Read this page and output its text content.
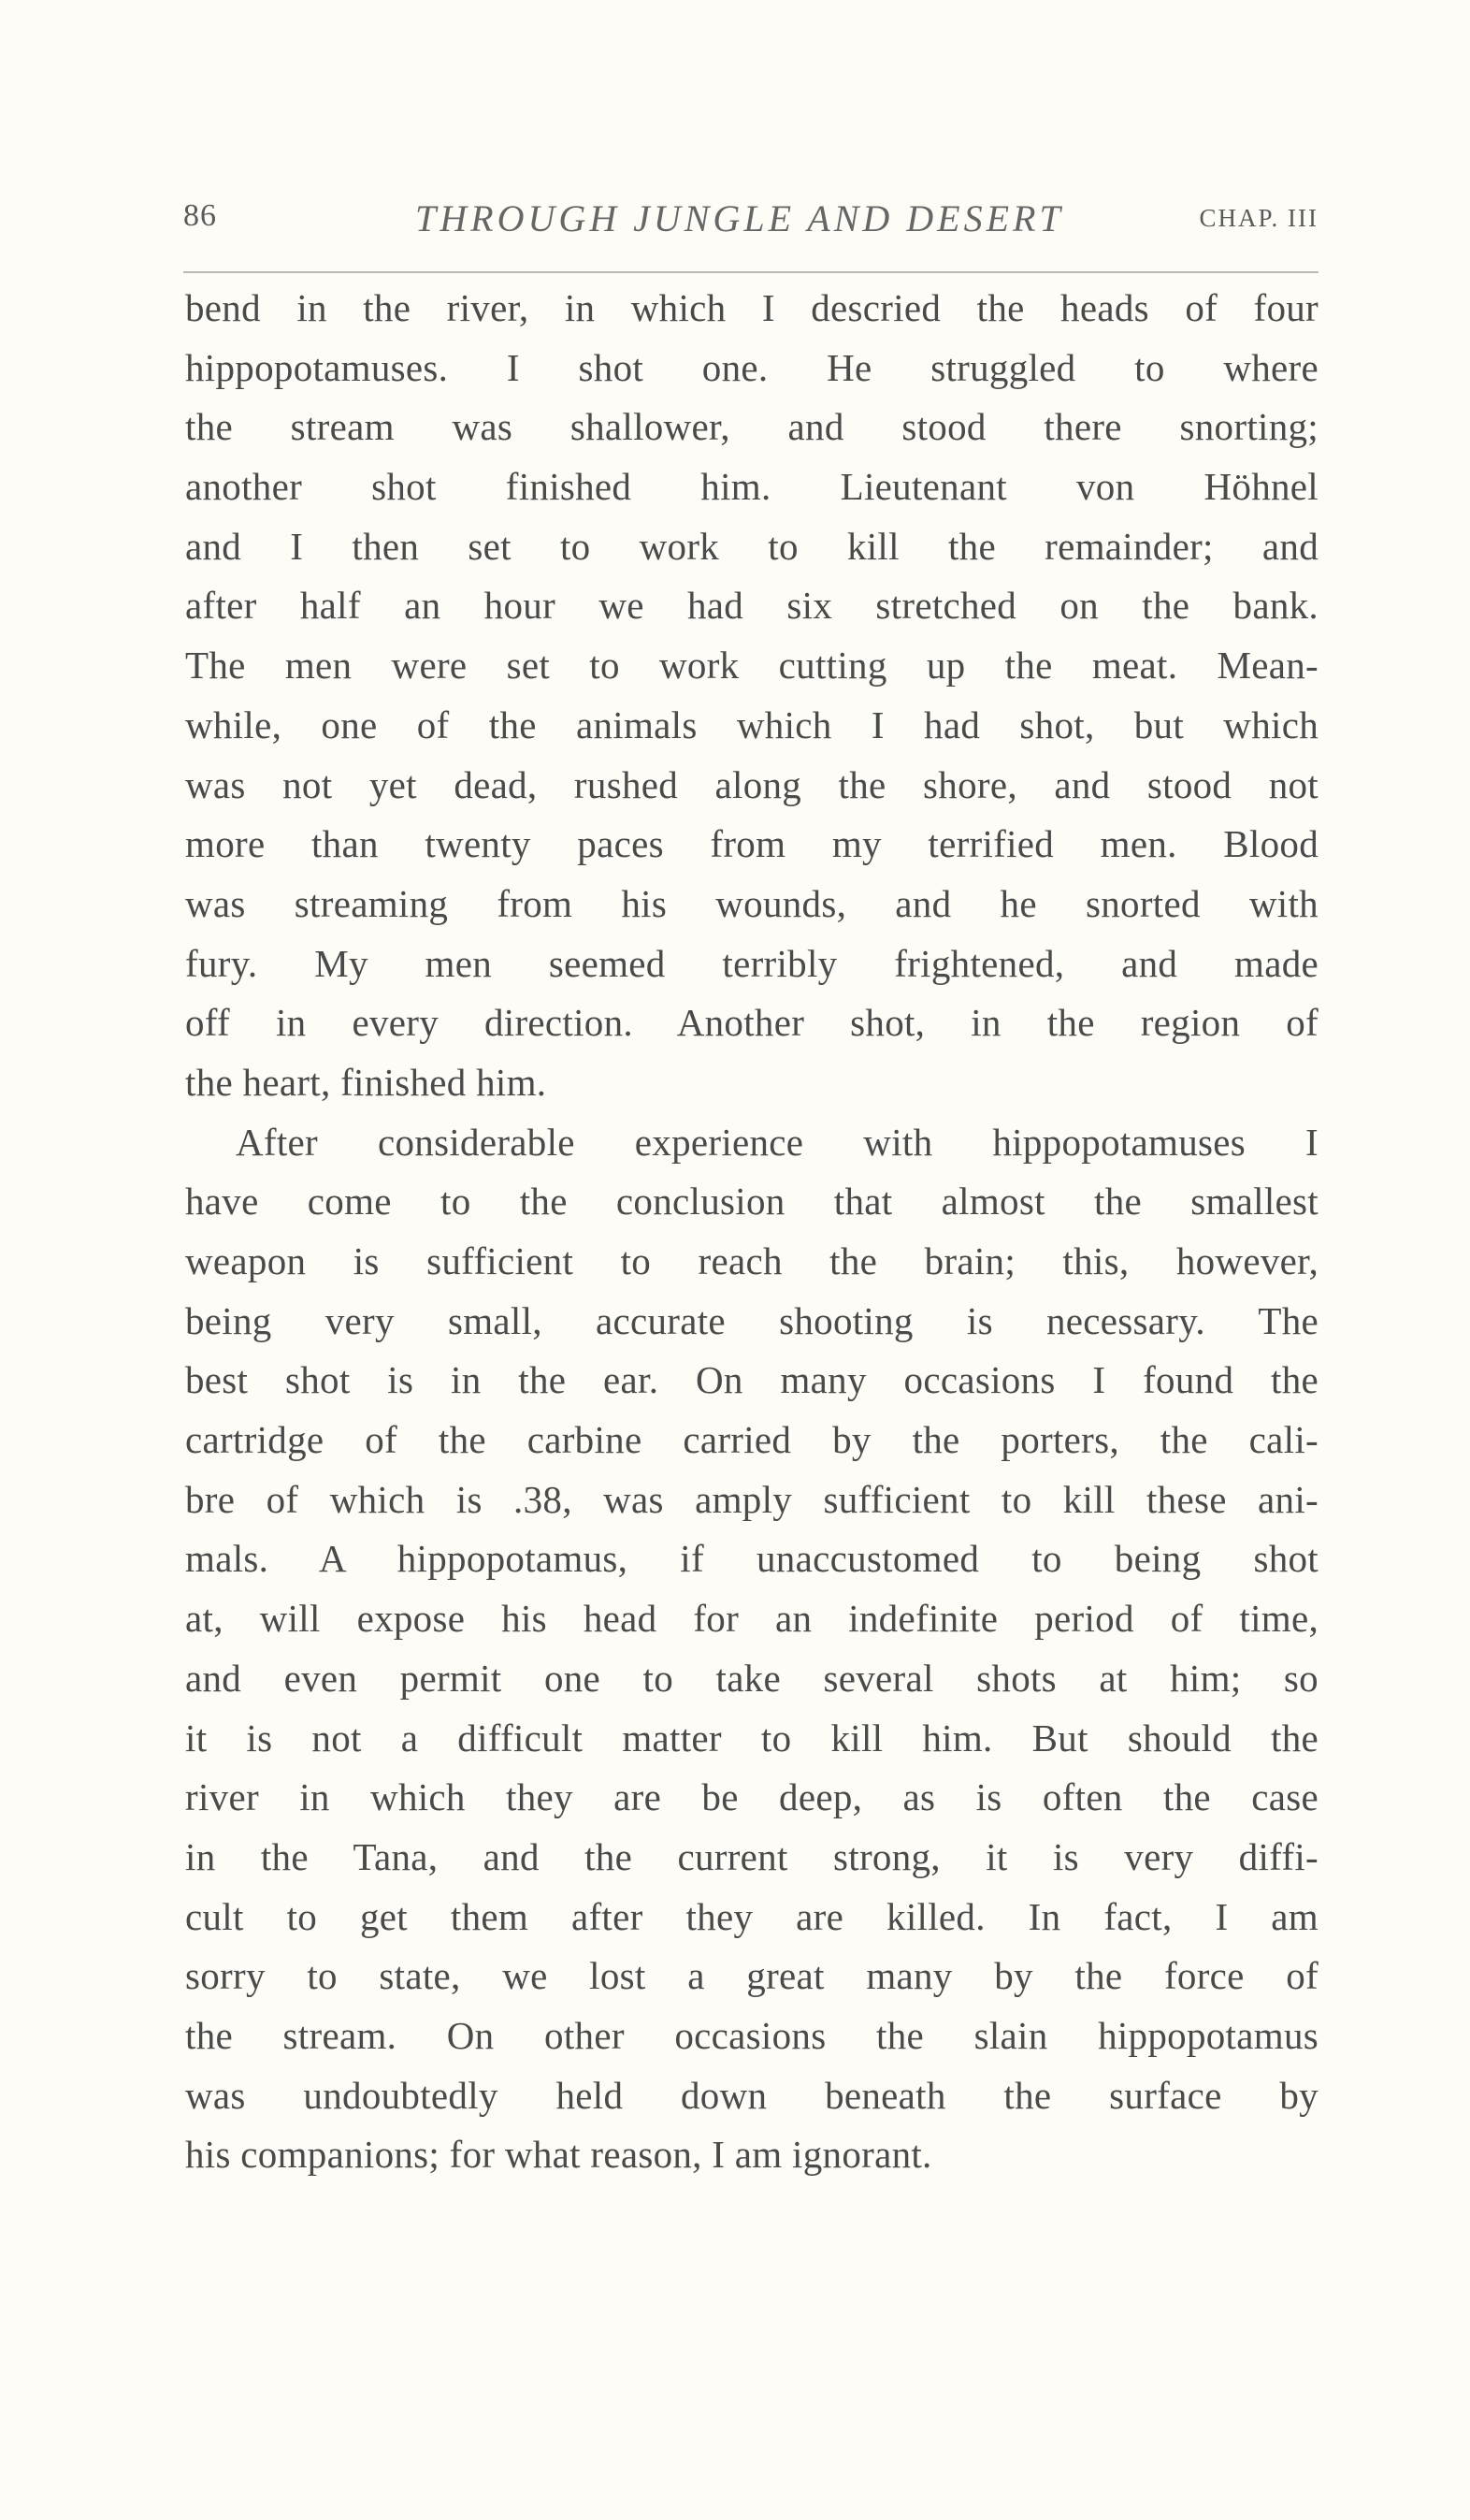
86	THROUGH JUNGLE AND DESERT	CHAP. III
bend in the river, in which I descried the heads of four
hippopotamuses. I shot one. He struggled to where
the stream was shallower, and stood there snorting;
another shot finished him. Lieutenant von Höhnel
and I then set to work to kill the remainder; and
after half an hour we had six stretched on the bank.
The men were set to work cutting up the meat. Mean-
while, one of the animals which I had shot, but which
was not yet dead, rushed along the shore, and stood not
more than twenty paces from my terrified men. Blood
was streaming from his wounds, and he snorted with
fury. My men seemed terribly frightened, and made
off in every direction. Another shot, in the region of
the heart, finished him.
After considerable experience with hippopotamuses I
have come to the conclusion that almost the smallest
weapon is sufficient to reach the brain; this, however,
being very small, accurate shooting is necessary. The
best shot is in the ear. On many occasions I found the
cartridge of the carbine carried by the porters, the cali-
bre of which is .38, was amply sufficient to kill these ani-
mals. A hippopotamus, if unaccustomed to being shot
at, will expose his head for an indefinite period of time,
and even permit one to take several shots at him; so
it is not a difficult matter to kill him. But should the
river in which they are be deep, as is often the case
in the Tana, and the current strong, it is very diffi-
cult to get them after they are killed. In fact, I am
sorry to state, we lost a great many by the force of
the stream. On other occasions the slain hippopotamus
was undoubtedly held down beneath the surface by
his companions; for what reason, I am ignorant.
